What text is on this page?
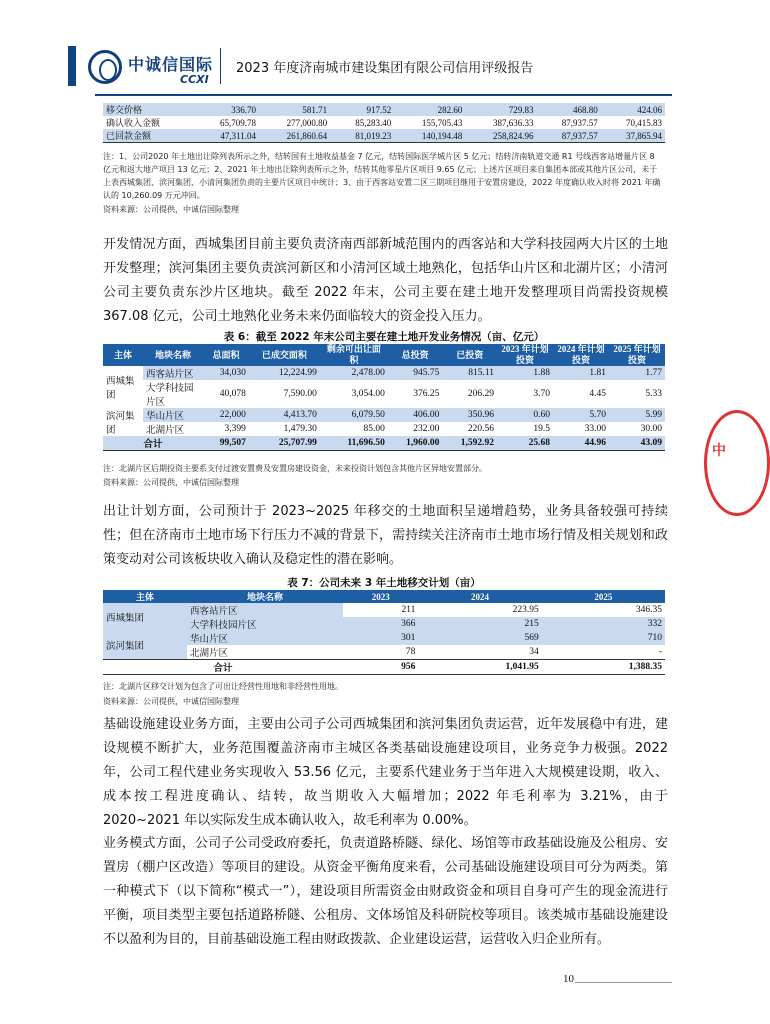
中诚信国际
CCXI
2023 年度济南城市建设集团有限公司信用评级报告
移交价格	336.70	581.71	917.52	282.60	729.83	468.80	424.06
确认收入金额	65,709.78	277,000.80	85,283.40	155,705.43	387,636.33	87,937.57	70,415.83
已回款金额	47,311.04	261,860.64	81,019.23	140,194.48	258,824.96	87,937.57	37,865.94
注：1、公司2020 年土地出让除列表所示之外，结转国有土地收益基金 7 亿元，结转国际医学城片区 5 亿元；结转济南轨道交通 R1 号线西客站增量片区 8 亿元和返大地产项目 13 亿元；2、2021 年土地出让除列表所示之外，结转其他零星片区项目 9.65 亿元；上述片区项目来自集团本部或其他片区公司，未于上表西城集团、滨河集团、小清河集团负责的主要片区项目中统计；3、由于西客站安置二区三期项目继用于安置房建设，2022 年度确认收入时将 2021 年确认的 10,260.09 万元冲回。
资料来源：公司提供，中诚信国际整理
开发情况方面，西城集团目前主要负责济南西部新城范围内的西客站和大学科技园两大片区的土地开发整理；滨河集团主要负责滨河新区和小清河区域土地熟化，包括华山片区和北湖片区；小清河公司主要负责东沙片区地块。截至 2022 年末，公司主要在建土地开发整理项目尚需投资规模 367.08 亿元，公司土地熟化业务未来仍面临较大的资金投入压力。
表 6：截至 2022 年末公司主要在建土地开发业务情况（亩、亿元）
主体	地块名称	总面积	已成交面积	剩余可出让面积	总投资	已投资	2023 年计划投资	2024 年计划投资	2025 年计划投资
西城集团	西客站片区	34,030	12,224.99	2,478.00	945.75	815.11	1.88	1.81	1.77
	大学科技园片区	40,078	7,590.00	3,054.00	376.25	206.29	3.70	4.45	5.33
滨河集团	华山片区	22,000	4,413.70	6,079.50	406.00	350.96	0.60	5.70	5.99
	北湖片区	3,399	1,479.30	85.00	232.00	220.56	19.5	33.00	30.00
合计		99,507	25,707.99	11,696.50	1,960.00	1,592.92	25.68	44.96	43.09
注：北湖片区后期投资主要系支付过渡安置费及安置房建设资金，未来投资计划包含其他片区异地安置部分。
资料来源：公司提供，中诚信国际整理
出让计划方面，公司预计于 2023~2025 年移交的土地面积呈递增趋势，业务具备较强可持续性；但在济南市土地市场下行压力不减的背景下，需持续关注济南市土地市场行情及相关规划和政策变动对公司该板块收入确认及稳定性的潜在影响。
表 7：公司未来 3 年土地移交计划（亩）
主体	地块名称	2023	2024	2025
西城集团	西客站片区	211	223.95	346.35
	大学科技园片区	366	215	332
滨河集团	华山片区	301	569	710
	北湖片区	78	34	-
合计		956	1,041.95	1,388.35
注：北湖片区移交计划为包含了可出让经营性用地和非经营性用地。
资料来源：公司提供，中诚信国际整理
基础设施建设业务方面，主要由公司子公司西城集团和滨河集团负责运营，近年发展稳中有进，建设规模不断扩大，业务范围覆盖济南市主城区各类基础设施建设项目，业务竞争力极强。2022 年，公司工程代建业务实现收入 53.56 亿元，主要系代建业务于当年进入大规模建设期，收入、成本按工程进度确认、结转，故当期收入大幅增加；2022 年毛利率为 3.21%，由于 2020~2021 年以实际发生成本确认收入，故毛利率为 0.00%。
业务模式方面，公司子公司受政府委托，负责道路桥隧、绿化、场馆等市政基础设施及公租房、安置房（棚户区改造）等项目的建设。从资金平衡角度来看，公司基础设施建设项目可分为两类。第一种模式下（以下简称“模式一”），建设项目所需资金由财政资金和项目自身可产生的现金流进行平衡，项目类型主要包括道路桥隧、公租房、文体场馆及科研院校等项目。该类城市基础设施建设不以盈利为目的，目前基础设施工程由财政拨款、企业建设运营，运营收入归企业所有。
中
10
